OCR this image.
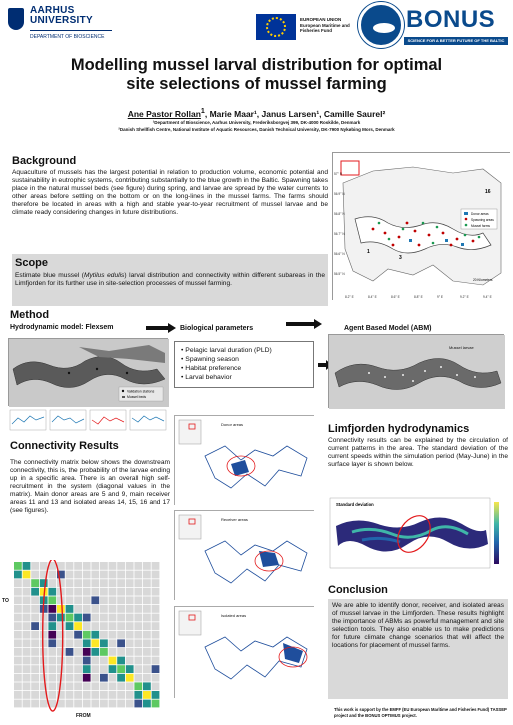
AARHUS
UNIVERSITY
DEPARTMENT OF BIOSCIENCE
EUROPEAN UNION European Maritime and Fisheries Fund	BONUS
SCIENCE FOR A BETTER FUTURE OF THE BALTIC SEA REGION
Modelling mussel larval distribution for optimal
site selections of mussel farming
Ane Pastor Rollan$^1$, Marie Maar¹, Janus Larsen¹, Camille Saurel²
¹Department of Bioscience, Aarhus University, Frederiksborgvej 399, DK-4000 Roskilde, Denmark
²Danish Shellfish Centre, National Institute of Aquatic Resources, Danish Technical University, DK-7900 Nykøbing Mors, Denmark
Background

Aquaculture of mussels has the largest potential in relation to production volume, economic potential and sustainability in eutrophic systems, contributing substantially to the blue growth in the Baltic. Spawning takes place in the natural mussel beds (see figure) during spring, and larvae are spread by the water currents to other areas before settling on the bottom or on the long-lines in the mussel farms. The farms should therefore be located in areas with a high and stable year-to-year recruitment of mussel larvae and be climate ready considering changes in future distributions.

Scope

Estimate blue mussel (Mytilus edulis) larval distribution and connectivity within different subareas in the Limfjorden for its further use in site-selection processes of mussel farming.

Donor areas
Spawning areas
Mussel farms
16
1
3
20 Kilometers
57° N
56.9° N
56.8° N
56.7° N
56.6° N
56.5° N
8.2° E	8.4° E	8.6° E	8.8° E	9° E	9.2° E	9.4° E
Method
Hydrodynamic model: Flexsem	Biological parameters	Agent Based Model (ABM)
Validation stations
Mussel beds
• Pelagic larval duration (PLD)
• Spawning season
• Habitat preference
• Larval behavior
Mussel larvae
Connectivity Results

The connectivity matrix below shows the downstream connectivity, this is, the probability of the larvae ending up in a specific area. There is an overall high self-recruitment in the system (diagonal values in the matrix). Main donor areas are 5 and 9, main receiver areas 11 and 13 and isolated areas 14, 15, 16 and 17 (see figures).

TO
FROM
Donor areas
Receiver areas
Isolated areas
Limfjorden hydrodynamics

Connectivity results can be explained by the circulation of current patterns in the area. The standard deviation of the current speeds within the simulation period (May-June) in the surface layer is shown below.

Standard deviation
Conclusion

We are able to identify donor, receiver, and isolated areas of mussel larvae in the Limfjorden. These results highlight the importance of ABMs as powerful management and site selection tools. They also enable us to make predictions for future climate change scenarios that will affect the locations for placement of mussel farms.

This work is support by the EMFF (EU European Maritime and Fisheries Fund) TASSEP project and the BONUS OPTIMUS project.
